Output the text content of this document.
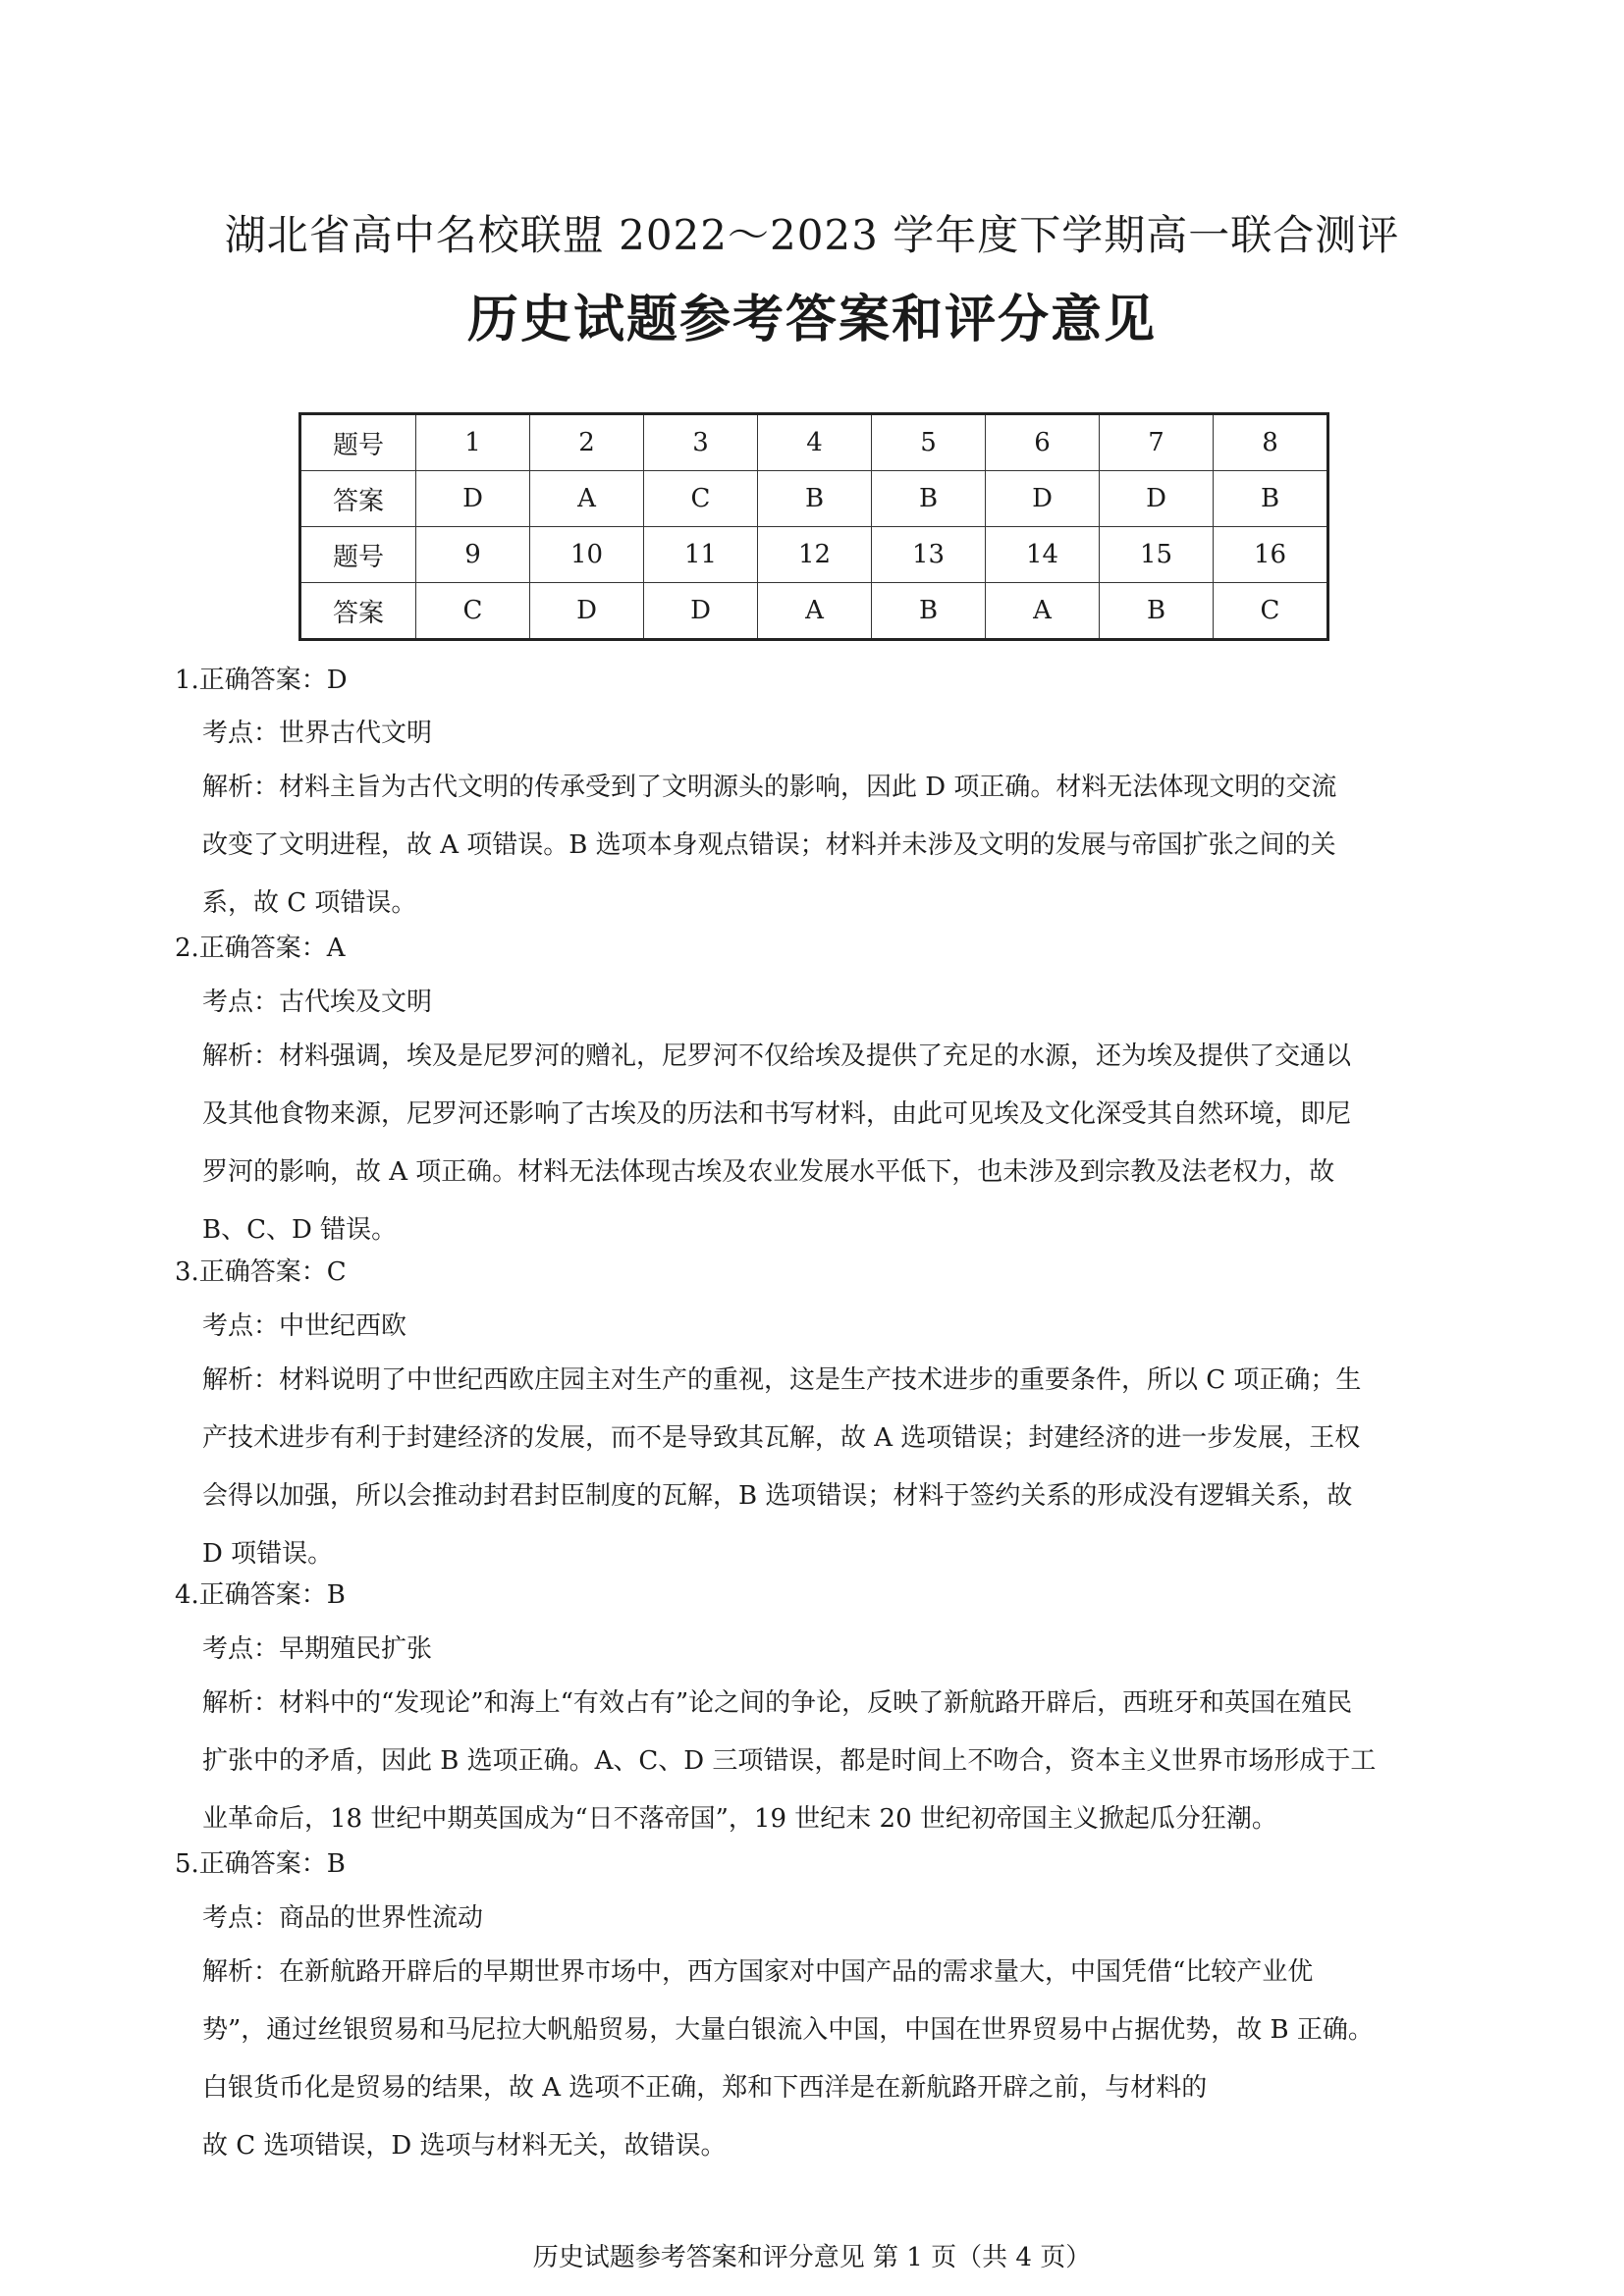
湖北省高中名校联盟 2022～2023 学年度下学期高一联合测评
历史试题参考答案和评分意见
题号	1	2	3	4	5	6	7	8
答案	D	A	C	B	B	D	D	B
题号	9	10	11	12	13	14	15	16
答案	C	D	D	A	B	A	B	C
1.正确答案：D
考点：世界古代文明

解析：材料主旨为古代文明的传承受到了文明源头的影响，因此 D 项正确。材料无法体现文明的交流

改变了文明进程，故 A 项错误。B 选项本身观点错误；材料并未涉及文明的发展与帝国扩张之间的关

系，故 C 项错误。

2.正确答案：A
考点：古代埃及文明

解析：材料强调，埃及是尼罗河的赠礼，尼罗河不仅给埃及提供了充足的水源，还为埃及提供了交通以

及其他食物来源，尼罗河还影响了古埃及的历法和书写材料，由此可见埃及文化深受其自然环境，即尼

罗河的影响，故 A 项正确。材料无法体现古埃及农业发展水平低下，也未涉及到宗教及法老权力，故

B、C、D 错误。

3.正确答案：C
考点：中世纪西欧

解析：材料说明了中世纪西欧庄园主对生产的重视，这是生产技术进步的重要条件，所以 C 项正确；生

产技术进步有利于封建经济的发展，而不是导致其瓦解，故 A 选项错误；封建经济的进一步发展，王权

会得以加强，所以会推动封君封臣制度的瓦解，B 选项错误；材料于签约关系的形成没有逻辑关系，故

D 项错误。

4.正确答案：B
考点：早期殖民扩张

解析：材料中的“发现论”和海上“有效占有”论之间的争论，反映了新航路开辟后，西班牙和英国在殖民

扩张中的矛盾，因此 B 选项正确。A、C、D 三项错误，都是时间上不吻合，资本主义世界市场形成于工

业革命后，18 世纪中期英国成为“日不落帝国”，19 世纪末 20 世纪初帝国主义掀起瓜分狂潮。

5.正确答案：B
考点：商品的世界性流动

解析：在新航路开辟后的早期世界市场中，西方国家对中国产品的需求量大，中国凭借“比较产业优

势”，通过丝银贸易和马尼拉大帆船贸易，大量白银流入中国，中国在世界贸易中占据优势，故 B 正确。

白银货币化是贸易的结果，故 A 选项不正确，郑和下西洋是在新航路开辟之前，与材料的

故 C 选项错误，D 选项与材料无关，故错误。

历史试题参考答案和评分意见 第 1 页（共 4 页）
